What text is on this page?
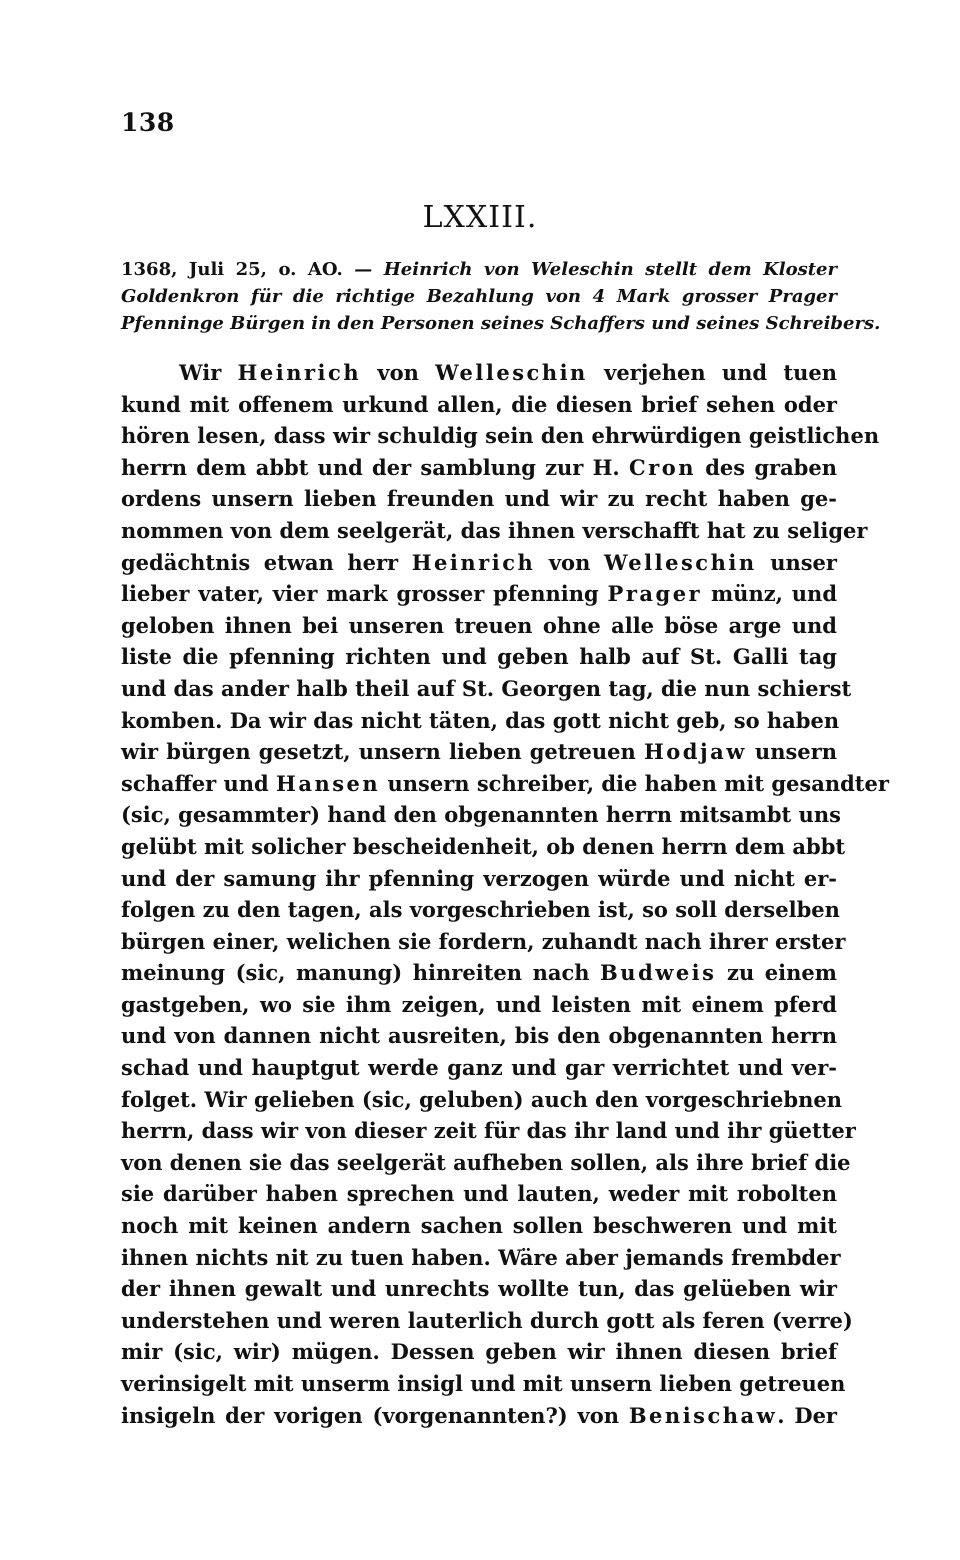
138
LXXIII.
1368, Juli 25, o. AO. — Heinrich von Weleschin stellt dem Kloster
Goldenkron für die richtige Bezahlung von 4 Mark grosser Prager
Pfenninge Bürgen in den Personen seines Schaffers und seines Schreibers.
Wir Heinrich von Welleschin verjehen und tuen
kund mit offenem urkund allen, die diesen brief sehen oder
hören lesen, dass wir schuldig sein den ehrwürdigen geistlichen
herrn dem abbt und der samblung zur H. Cron des graben
ordens unsern lieben freunden und wir zu recht haben ge-
nommen von dem seelgerät, das ihnen verschafft hat zu seliger
gedächtnis etwan herr Heinrich von Welleschin unser
lieber vater, vier mark grosser pfenning Prager münz, und
geloben ihnen bei unseren treuen ohne alle böse arge und
liste die pfenning richten und geben halb auf St. Galli tag
und das ander halb theil auf St. Georgen tag, die nun schierst
komben. Da wir das nicht täten, das gott nicht geb, so haben
wir bürgen gesetzt, unsern lieben getreuen Hodjaw unsern
schaffer und Hansen unsern schreiber, die haben mit gesandter
(sic, gesammter) hand den obgenannten herrn mitsambt uns
gelübt mit solicher bescheidenheit, ob denen herrn dem abbt
und der samung ihr pfenning verzogen würde und nicht er-
folgen zu den tagen, als vorgeschrieben ist, so soll derselben
bürgen einer, welichen sie fordern, zuhandt nach ihrer erster
meinung (sic, manung) hinreiten nach Budweis zu einem
gastgeben, wo sie ihm zeigen, und leisten mit einem pferd
und von dannen nicht ausreiten, bis den obgenannten herrn
schad und hauptgut werde ganz und gar verrichtet und ver-
folget. Wir gelieben (sic, geluben) auch den vorgeschriebnen
herrn, dass wir von dieser zeit für das ihr land und ihr güetter
von denen sie das seelgerät aufheben sollen, als ihre brief die
sie darüber haben sprechen und lauten, weder mit robolten
noch mit keinen andern sachen sollen beschweren und mit
ihnen nichts nit zu tuen haben. Wäre aber jemands frembder
der ihnen gewalt und unrechts wollte tun, das gelüeben wir
understehen und weren lauterlich durch gott als feren (verre)
mir (sic, wir) mügen. Dessen geben wir ihnen diesen brief
verinsigelt mit unserm insigl und mit unsern lieben getreuen
insigeln der vorigen (vorgenannten?) von Benischaw. Der
